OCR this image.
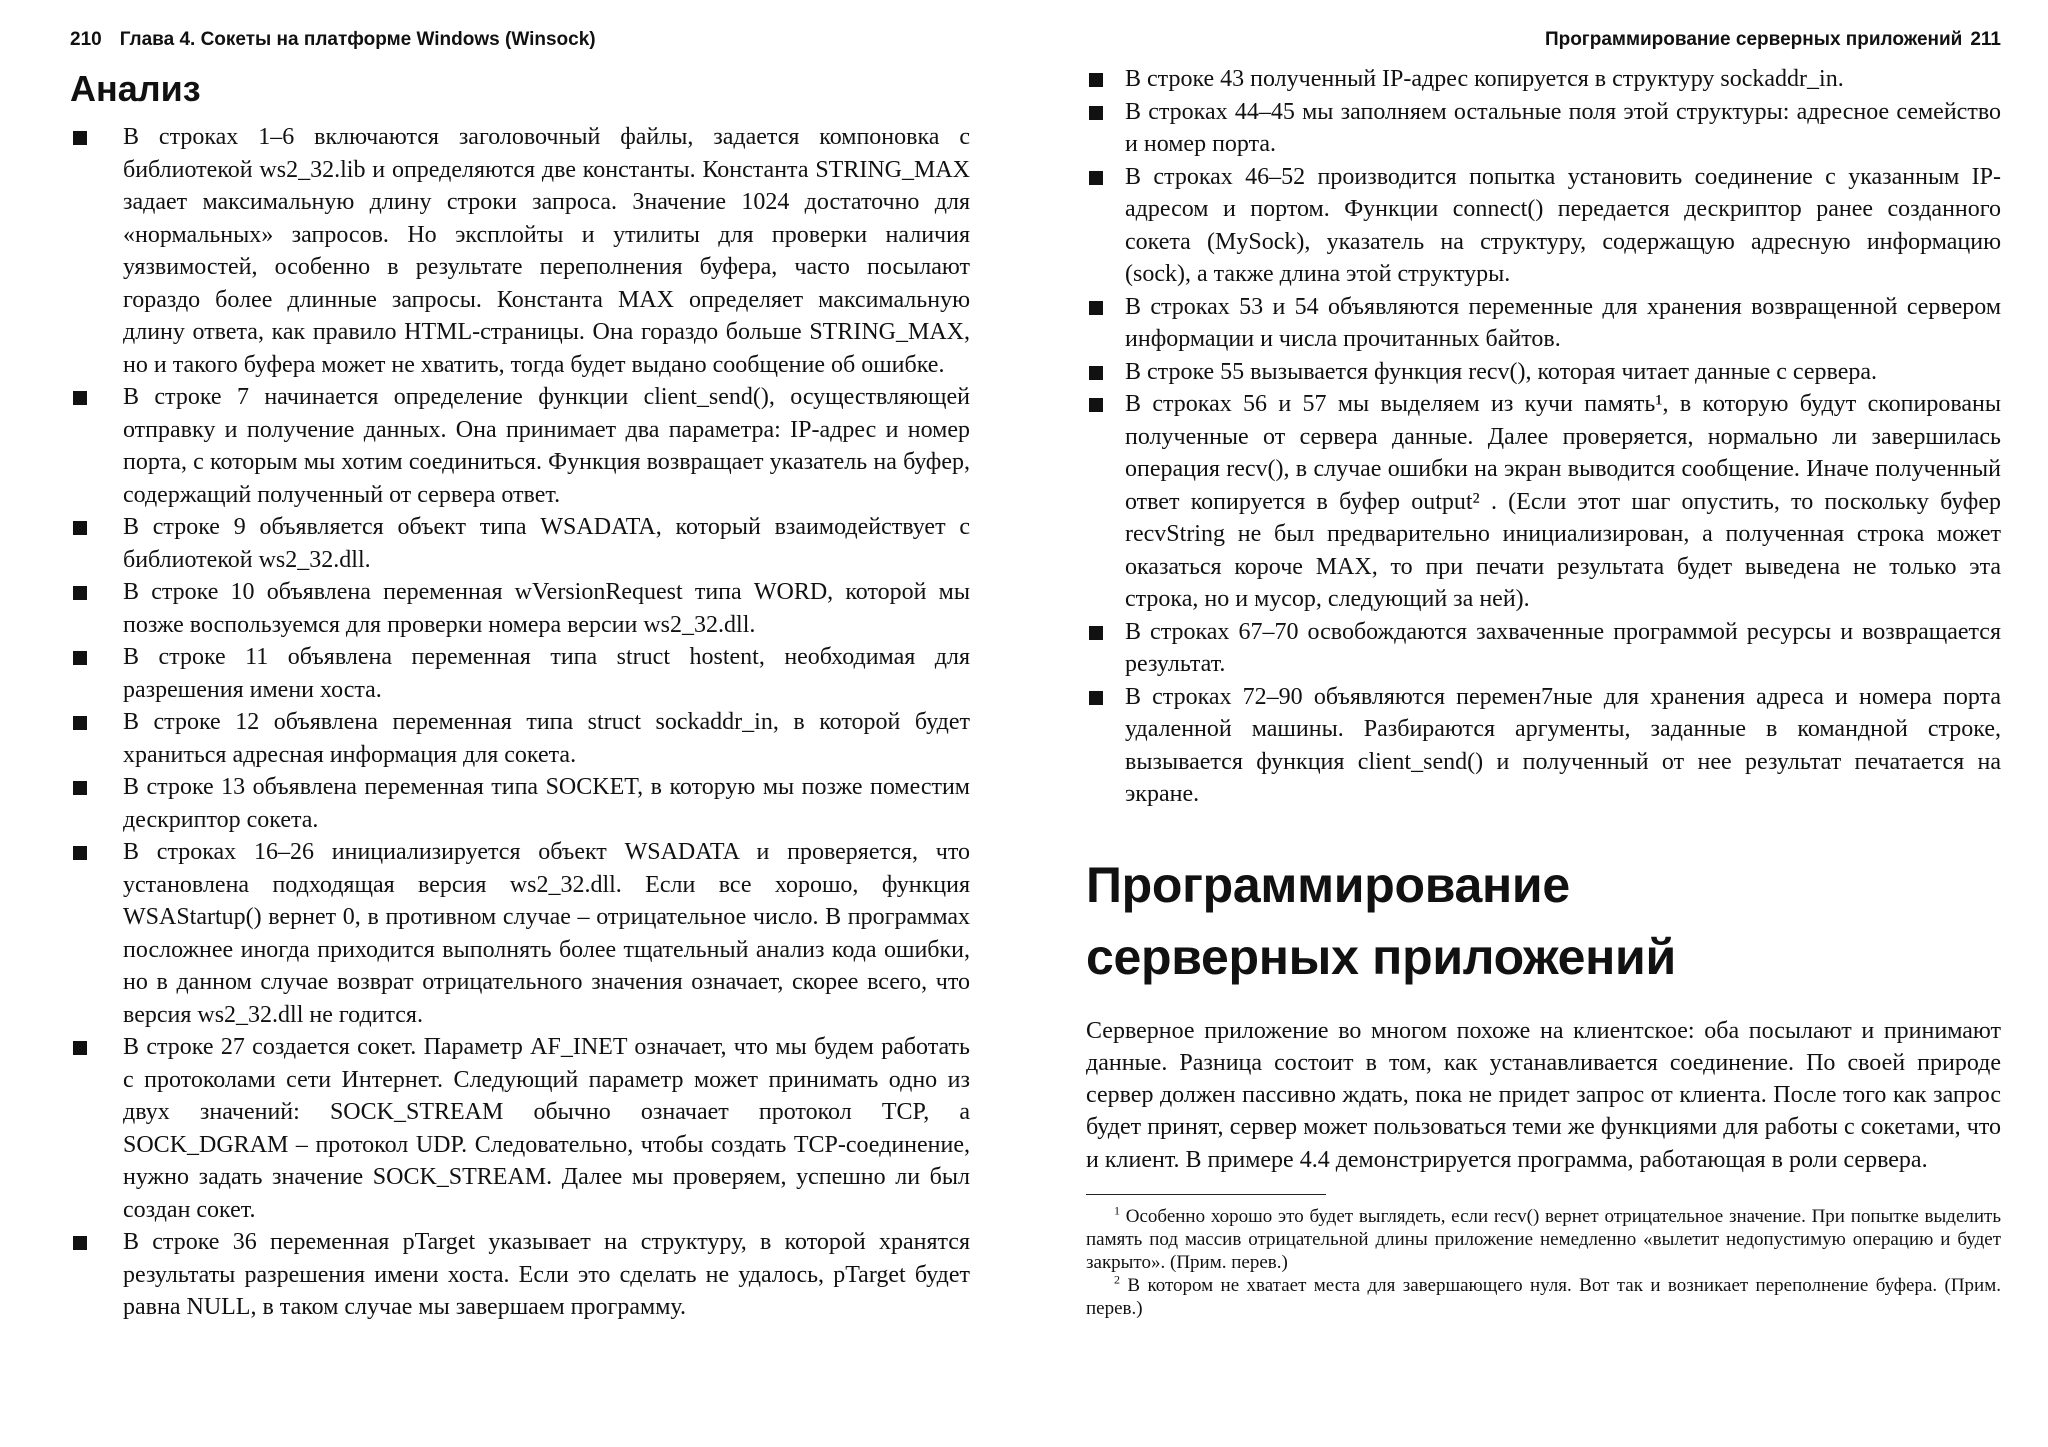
210 Глава 4. Сокеты на платформе Windows (Winsock)
Анализ
В строках 1–6 включаются заголовочный файлы, задается компоновка с библиотекой ws2_32.lib и определяются две константы. Константа STRING_MAX задает максимальную длину строки запроса. Значение 1024 достаточно для «нормальных» запросов. Но эксплойты и утилиты для проверки наличия уязвимостей, особенно в результате переполнения буфера, часто посылают гораздо более длинные запросы. Константа MAX определяет максимальную длину ответа, как правило HTML-страницы. Она гораздо больше STRING_MAX, но и такого буфера может не хватить, тогда будет выдано сообщение об ошибке.
В строке 7 начинается определение функции client_send(), осуществляющей отправку и получение данных. Она принимает два параметра: IP-адрес и номер порта, с которым мы хотим соединиться. Функция возвращает указатель на буфер, содержащий полученный от сервера ответ.
В строке 9 объявляется объект типа WSADATA, который взаимодействует с библиотекой ws2_32.dll.
В строке 10 объявлена переменная wVersionRequest типа WORD, которой мы позже воспользуемся для проверки номера версии ws2_32.dll.
В строке 11 объявлена переменная типа struct hostent, необходимая для разрешения имени хоста.
В строке 12 объявлена переменная типа struct sockaddr_in, в которой будет храниться адресная информация для сокета.
В строке 13 объявлена переменная типа SOCKET, в которую мы позже поместим дескриптор сокета.
В строках 16–26 инициализируется объект WSADATA и проверяется, что установлена подходящая версия ws2_32.dll. Если все хорошо, функция WSAStartup() вернет 0, в противном случае – отрицательное число. В программах посложнее иногда приходится выполнять более тщательный анализ кода ошибки, но в данном случае возврат отрицательного значения означает, скорее всего, что версия ws2_32.dll не годится.
В строке 27 создается сокет. Параметр AF_INET означает, что мы будем работать с протоколами сети Интернет. Следующий параметр может принимать одно из двух значений: SOCK_STREAM обычно означает протокол TCP, а SOCK_DGRAM – протокол UDP. Следовательно, чтобы создать TCP-соединение, нужно задать значение SOCK_STREAM. Далее мы проверяем, успешно ли был создан сокет.
В строке 36 переменная pTarget указывает на структуру, в которой хранятся результаты разрешения имени хоста. Если это сделать не удалось, pTarget будет равна NULL, в таком случае мы завершаем программу.
Программирование серверных приложений 211
В строке 43 полученный IP-адрес копируется в структуру sockaddr_in.
В строках 44–45 мы заполняем остальные поля этой структуры: адресное семейство и номер порта.
В строках 46–52 производится попытка установить соединение с указанным IP-адресом и портом. Функции connect() передается дескриптор ранее созданного сокета (MySock), указатель на структуру, содержащую адресную информацию (sock), а также длина этой структуры.
В строках 53 и 54 объявляются переменные для хранения возвращенной сервером информации и числа прочитанных байтов.
В строке 55 вызывается функция recv(), которая читает данные с сервера.
В строках 56 и 57 мы выделяем из кучи память¹, в которую будут скопированы полученные от сервера данные. Далее проверяется, нормально ли завершилась операция recv(), в случае ошибки на экран выводится сообщение. Иначе полученный ответ копируется в буфер output² . (Если этот шаг опустить, то поскольку буфер recvString не был предварительно инициализирован, а полученная строка может оказаться короче MAX, то при печати результата будет выведена не только эта строка, но и мусор, следующий за ней).
В строках 67–70 освобождаются захваченные программой ресурсы и возвращается результат.
В строках 72–90 объявляются перемен7ные для хранения адреса и номера порта удаленной машины. Разбираются аргументы, заданные в командной строке, вызывается функция client_send() и полученный от нее результат печатается на экране.
Программирование
серверных приложений

Серверное приложение во многом похоже на клиентское: оба посылают и принимают данные. Разница состоит в том, как устанавливается соединение. По своей природе сервер должен пассивно ждать, пока не придет запрос от клиента. После того как запрос будет принят, сервер может пользоваться теми же функциями для работы с сокетами, что и клиент. В примере 4.4 демонстрируется программа, работающая в роли сервера.

$^1$ Особенно хорошо это будет выглядеть, если recv() вернет отрицательное значение. При попытке выделить память под массив отрицательной длины приложение немедленно «вылетит недопустимую операцию и будет закрыто». (Прим. перев.)

$^2$ В котором не хватает места для завершающего нуля. Вот так и возникает переполнение буфера. (Прим. перев.)
